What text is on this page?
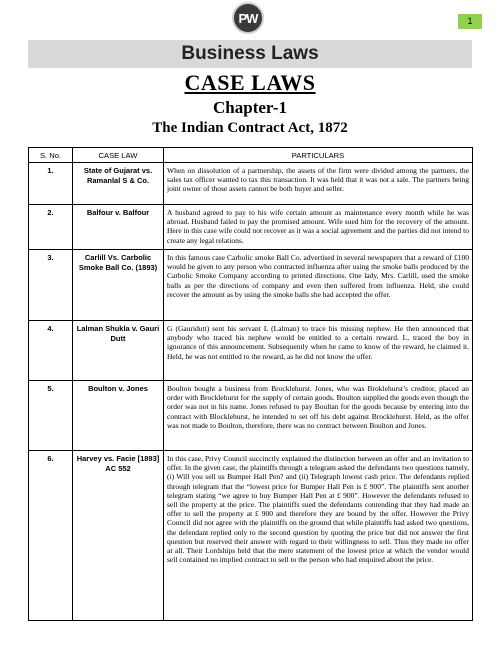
PW	1
Business Laws
CASE LAWS
Chapter-1
The Indian Contract Act, 1872
S. No.	CASE LAW	PARTICULARS
1.	State of Gujarat vs. Ramanlal S & Co.	When on dissolution of a partnership, the assets of the firm were divided among the partners, the sales tax officer wanted to tax this transaction. It was held that it was not a sale. The partners being joint owner of those assets cannot be both buyer and seller.
2.	Balfour v. Balfour	A husband agreed to pay to his wife certain amount as maintenance every month while he was abroad. Husband failed to pay the promised amount. Wife sued him for the recovery of the amount. Here in this case wife could not recover as it was a social agreement and the parties did not intend to create any legal relations.
3.	Carlill Vs. Carbolic Smoke Ball Co. (1893)	In this famous case Carbolic smoke Ball Co. advertised in several newspapers that a reward of £100 would be given to any person who contracted influenza after using the smoke balls produced by the Carbolic Smoke Company according to printed directions. One lady, Mrs. Carlill, used the smoke balls as per the directions of company and even then suffered from influenza. Held, she could recover the amount as by using the smoke balls she had accepted the offer.
4.	Lalman Shukla v. Gauri Dutt	G (Gauridutt) sent his servant L (Lalman) to trace his missing nephew. He then announced that anybody who traced his nephew would be entitled to a certain reward. L, traced the boy in ignorance of this announcement. Subsequently when he came to know of the reward, he claimed it. Held, he was not entitled to the reward, as he did not know the offer.
5.	Boulton v. Jones	Boulton bought a business from Brocklehurst. Jones, who was Broklehurst’s creditor, placed an order with Brocklehurst for the supply of certain goods. Boulton supplied the goods even though the order was not in his name. Jones refused to pay Boultan for the goods because by entering into the contract with Blocklehurst, he intended to set off his debt against Brocklehurst. Held, as the offer was not made to Boulton, therefore, there was no contract between Boulton and Jones.
6.	Harvey vs. Facie [1893] AC 552	In this case, Privy Council succinctly explained the distinction between an offer and an invitation to offer. In the given case, the plaintiffs through a telegram asked the defendants two questions namely, (i) Will you sell us Bumper Hall Pen? and (ii) Telegraph lowest cash price. The defendants replied through telegram that the “lowest price for Bumper Hall Pen is £ 900”. The plaintiffs sent another telegram stating “we agree to buy Bumper Hall Pen at £ 900”. However the defendants refused to sell the property at the price. The plaintiffs sued the defendants contending that they had made an offer to sell the property at £ 900 and therefore they are bound by the offer. However the Privy Council did not agree with the plaintiffs on the ground that while plaintiffs had asked two questions, the defendant replied only to the second question by quoting the price but did not answer the first question but reserved their answer with regard to their willingness to sell. Thus they made no offer at all. Their Lordships held that the mere statement of the lowest price at which the vendor would sell contained no implied contract to sell to the person who had enquired about the price.
